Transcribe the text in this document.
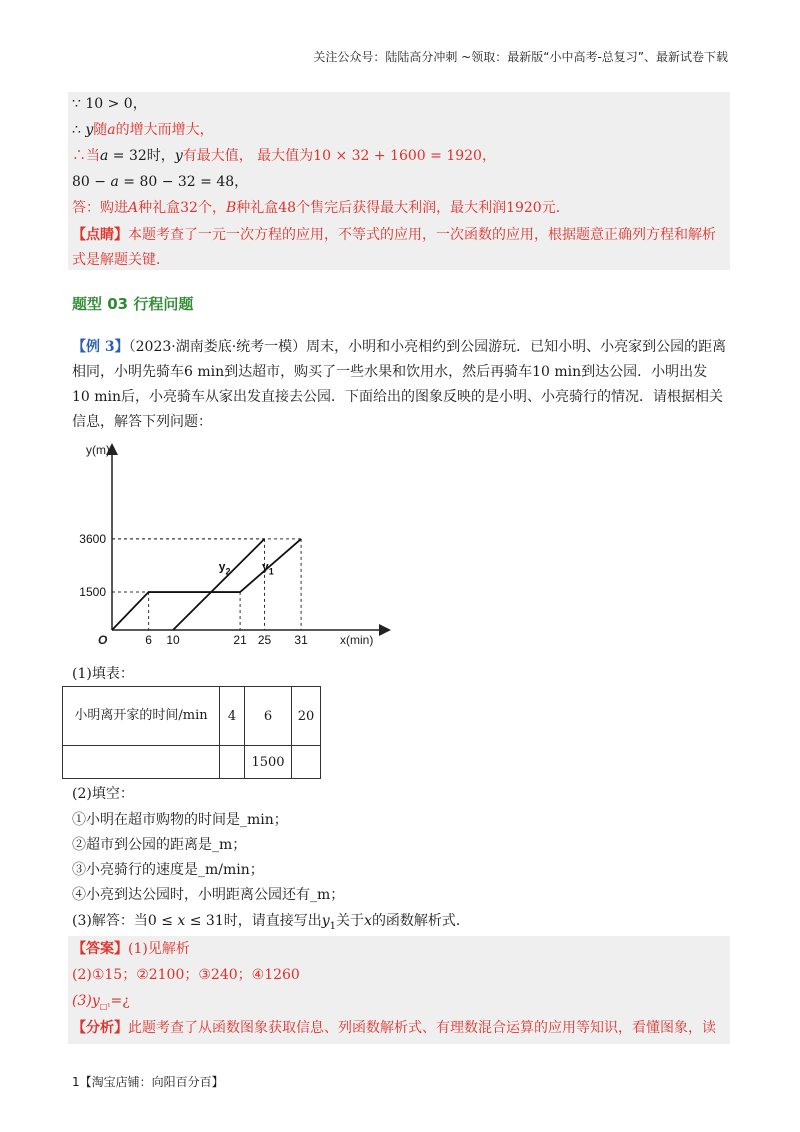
关注公众号：陆陆高分冲刺 ~领取：最新版“小中高考-总复习”、最新试卷下载
∵ 10 > 0，
∴ y随a的增大而增大，
∴当a = 32时，y有最大值， 最大值为10 × 32 + 1600 = 1920，
80 − a = 80 − 32 = 48，
答：购进A种礼盒32个，B种礼盒48个售完后获得最大利润，最大利润1920元．
【点睛】本题考查了一元一次方程的应用，不等式的应用，一次函数的应用，根据题意正确列方程和解析
式是解题关键．
题型 03 行程问题
【例 3】（2023·湖南娄底·统考一模）周末，小明和小亮相约到公园游玩．已知小明、小亮家到公园的距离
相同，小明先骑车6 min到达超市，购买了一些水果和饮用水，然后再骑车10 min到达公园．小明出发
10 min后，小亮骑车从家出发直接去公园．下面给出的图象反映的是小明、小亮骑行的情况．请根据相关
信息，解答下列问题：
$y_1$
$y_2$
6 10	21 25 31
1500
3600
y(m)
x(min)
O
(1)填表：
小明离开家的时间/min	4	6	20
		1500	
(2)填空：
①小明在超市购物的时间是_min；
②超市到公园的距离是_m；
③小亮骑行的速度是_m/min；
④小亮到达公园时，小明距离公园还有_m；
(3)解答：当0 ≤ x ≤ 31时，请直接写出$y_1$关于x的函数解析式．
【答案】(1)见解析
(2)①15；②2100；③240；④1260
$(3)y_{□^1}=¿$
【分析】此题考查了从函数图象获取信息、列函数解析式、有理数混合运算的应用等知识，看懂图象，读
1【淘宝店铺：向阳百分百】
